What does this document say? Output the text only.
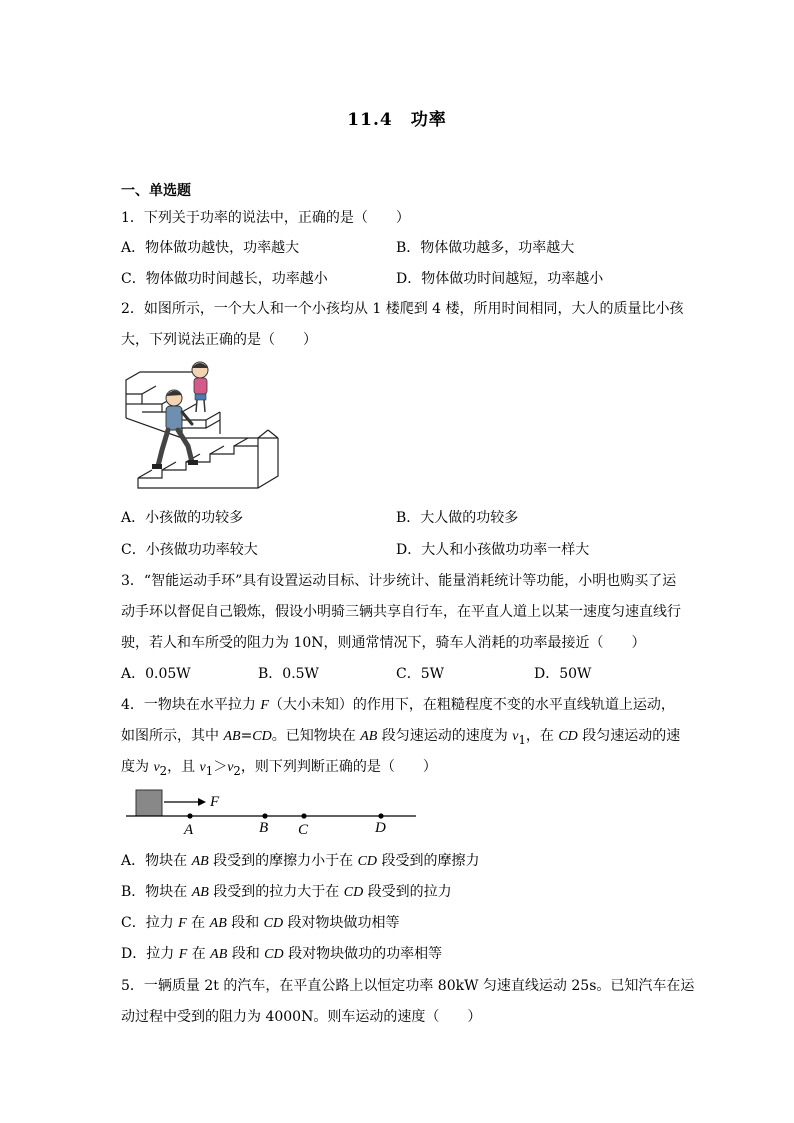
11.4　功率
一、单选题
1．下列关于功率的说法中，正确的是（　　）
A．物体做功越快，功率越大	B．物体做功越多，功率越大
C．物体做功时间越长，功率越小	D．物体做功时间越短，功率越小
2．如图所示，一个大人和一个小孩均从 1 楼爬到 4 楼，所用时间相同，大人的质量比小孩
大，下列说法正确的是（　　）
A．小孩做的功较多	B．大人做的功较多
C．小孩做功功率较大	D．大人和小孩做功功率一样大
3．“智能运动手环”具有设置运动目标、计步统计、能量消耗统计等功能，小明也购买了运
动手环以督促自己锻炼，假设小明骑三辆共享自行车，在平直人道上以某一速度匀速直线行
驶，若人和车所受的阻力为 10N，则通常情况下，骑车人消耗的功率最接近（　　）
A．0.05W	B．0.5W	C．5W	D．50W
4．一物块在水平拉力 F（大小未知）的作用下，在粗糙程度不变的水平直线轨道上运动，
如图所示，其中 AB=CD。已知物块在 AB 段匀速运动的速度为 $v_1$，在 CD 段匀速运动的速
度为 $v_2$，且 $v_1>v_2$，则下列判断正确的是（　　）
F
A	B C	D
A．物块在 AB 段受到的摩擦力小于在 CD 段受到的摩擦力
B．物块在 AB 段受到的拉力大于在 CD 段受到的拉力
C．拉力 F 在 AB 段和 CD 段对物块做功相等
D．拉力 F 在 AB 段和 CD 段对物块做功的功率相等
5．一辆质量 2t 的汽车，在平直公路上以恒定功率 80kW 匀速直线运动 25s。已知汽车在运
动过程中受到的阻力为 4000N。则车运动的速度（　　）
